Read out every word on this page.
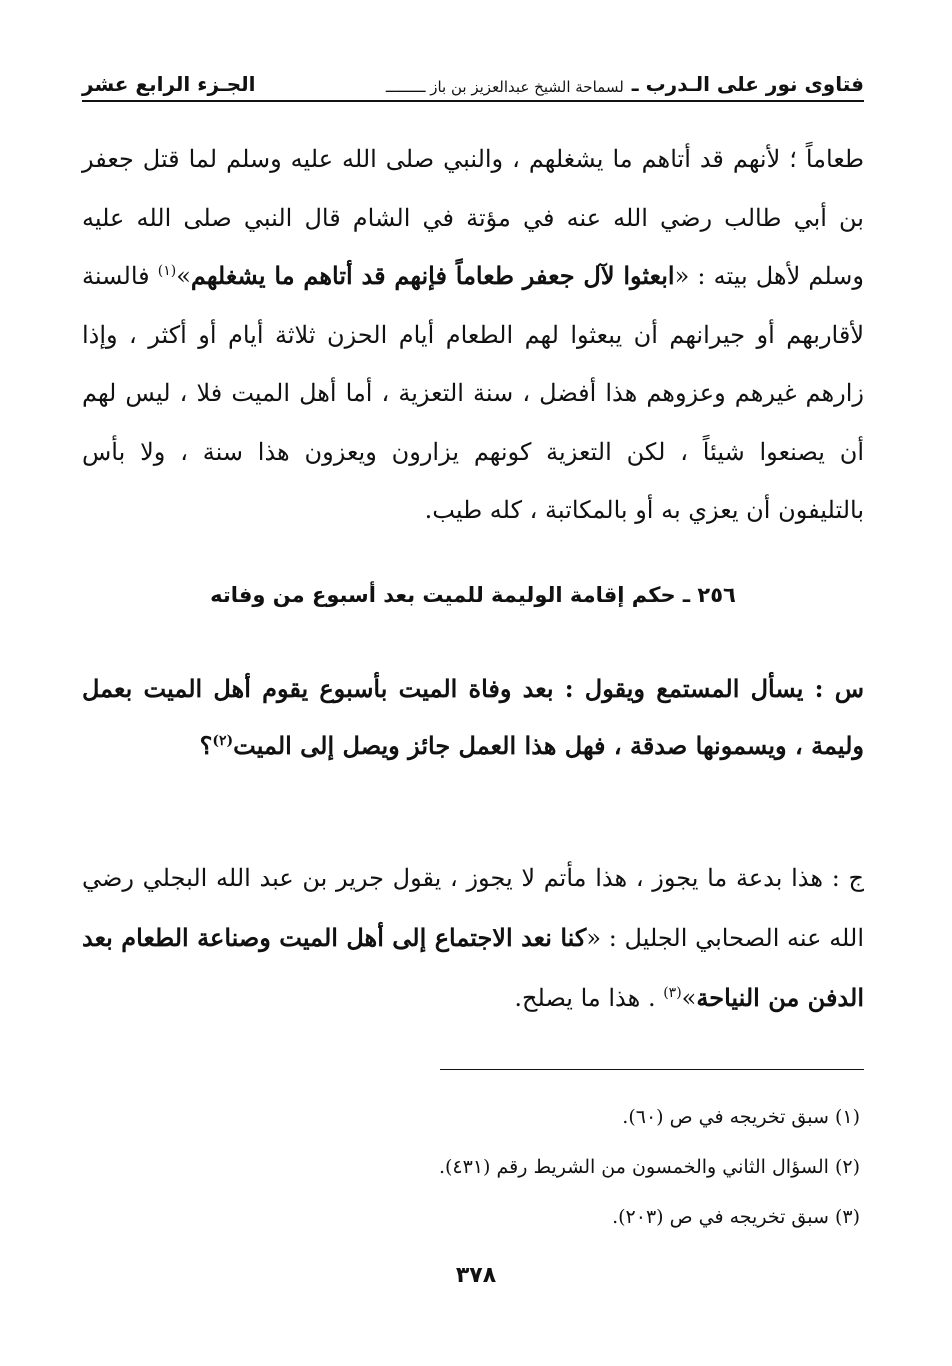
فتاوى نور على الـدرب ـ
لسماحة الشيخ عبدالعزيز بن باز ـــــــــ
الجـزء الرابع عشر
طعاماً ؛ لأنهم قد أتاهم ما يشغلهم ، والنبي صلى الله عليه وسلم لما قتل جعفر بن أبي طالب رضي الله عنه في مؤتة في الشام قال النبي صلى الله عليه وسلم لأهل بيته : «ابعثوا لآل جعفر طعاماً فإنهم قد أتاهم ما يشغلهم»$^{(١)}$ فالسنة لأقاربهم أو جيرانهم أن يبعثوا لهم الطعام أيام الحزن ثلاثة أيام أو أكثر ، وإذا زارهم غيرهم وعزوهم هذا أفضل ، سنة التعزية ، أما أهل الميت فلا ، ليس لهم أن يصنعوا شيئاً ، لكن التعزية كونهم يزارون ويعزون هذا سنة ، ولا بأس بالتليفون أن يعزي به أو بالمكاتبة ، كله طيب.
٢٥٦ ـ حكم إقامة الوليمة للميت بعد أسبوع من وفاته
س : يسأل المستمع ويقول : بعد وفاة الميت بأسبوع يقوم أهل الميت بعمل وليمة ، ويسمونها صدقة ، فهل هذا العمل جائز ويصل إلى الميت$^{(٢)}$؟
ج : هذا بدعة ما يجوز ، هذا مأتم لا يجوز ، يقول جرير بن عبد الله البجلي رضي الله عنه الصحابي الجليل : «كنا نعد الاجتماع إلى أهل الميت وصناعة الطعام بعد الدفن من النياحة»$^{(٣)}$ . هذا ما يصلح.
(١) سبق تخريجه في ص (٦٠).
(٢) السؤال الثاني والخمسون من الشريط رقم (٤٣١).
(٣) سبق تخريجه في ص (٢٠٣).
٣٧٨
